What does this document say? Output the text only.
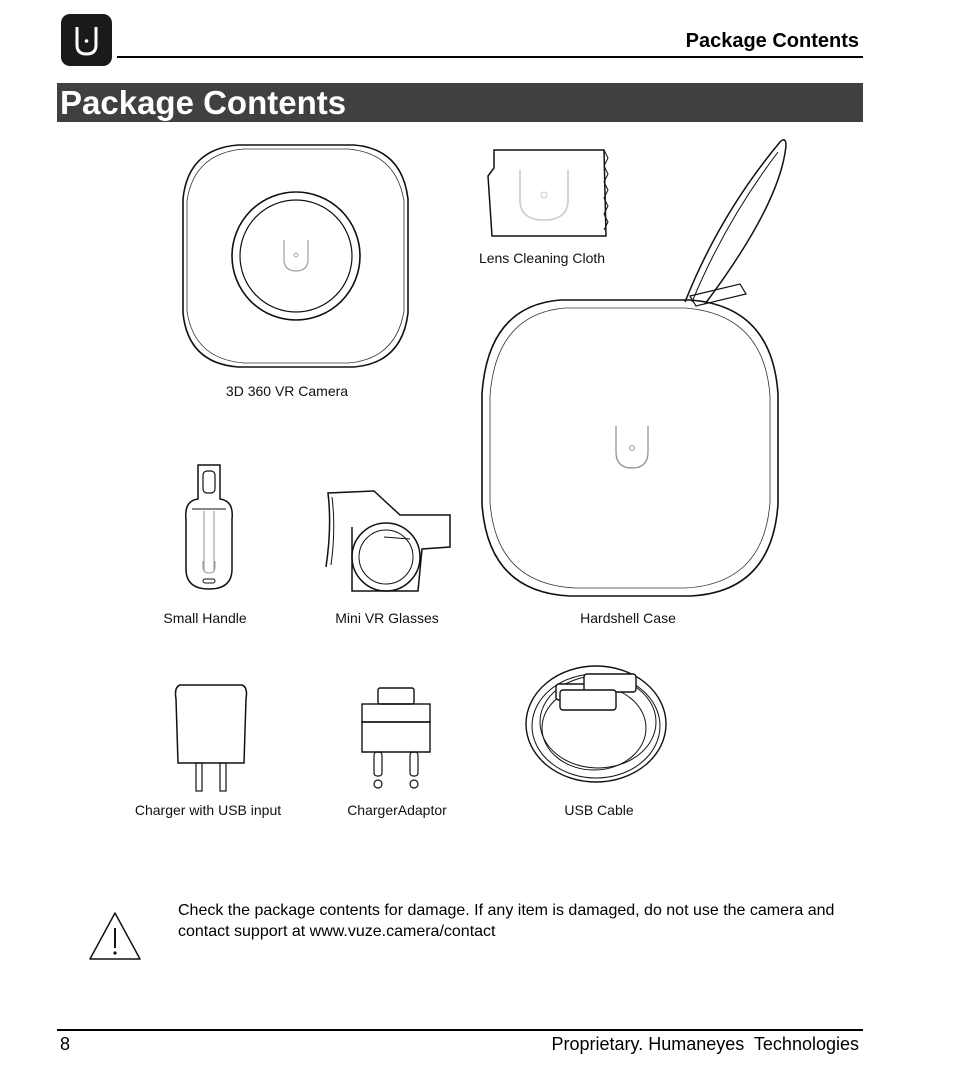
Package Contents
Package Contents
3D 360 VR Camera
Lens Cleaning Cloth
Hardshell Case
Small Handle	Mini VR Glasses
Charger with USB input	ChargerAdaptor	USB Cable
Check the package contents for damage. If any item is damaged, do not use the camera and contact support at www.vuze.camera/contact
8	Proprietary. Humaneyes  Technologies
